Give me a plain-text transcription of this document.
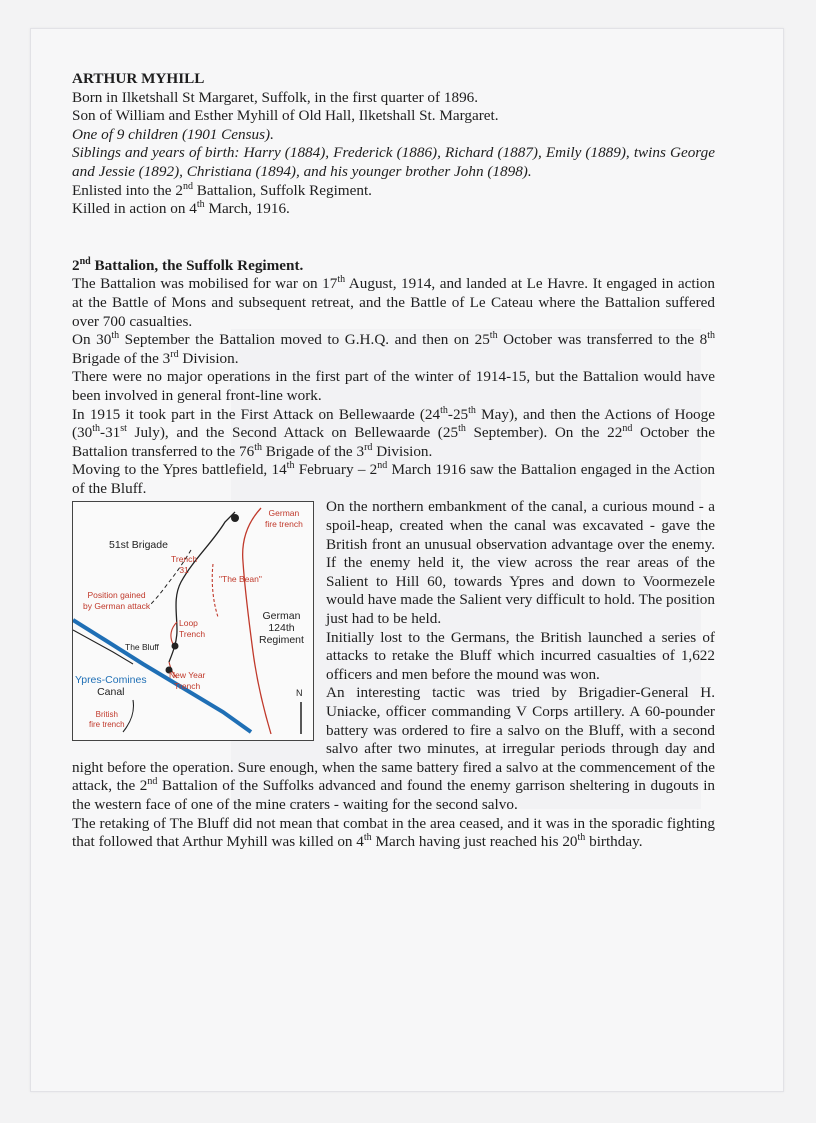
ARTHUR MYHILL

Born in Ilketshall St Margaret, Suffolk, in the first quarter of 1896.

Son of William and Esther Myhill of Old Hall, Ilketshall St. Margaret.

One of 9 children (1901 Census).

Siblings and years of birth: Harry (1884), Frederick (1886), Richard (1887), Emily (1889), twins George and Jessie (1892), Christiana (1894), and his younger brother John (1898).

Enlisted into the 2nd Battalion, Suffolk Regiment.

Killed in action on 4th March, 1916.

2nd Battalion, the Suffolk Regiment.

The Battalion was mobilised for war on 17th August, 1914, and landed at Le Havre. It engaged in action at the Battle of Mons and subsequent retreat, and the Battle of Le Cateau where the Battalion suffered over 700 casualties.

On 30th September the Battalion moved to G.H.Q. and then on 25th October was transferred to the 8th Brigade of the 3rd Division.

There were no major operations in the first part of the winter of 1914-15, but the Battalion would have been involved in general front-line work.

In 1915 it took part in the First Attack on Bellewaarde (24th-25th May), and then the Actions of Hooge (30th-31st July), and the Second Attack on Bellewaarde (25th September). On the 22nd October the Battalion transferred to the 76th Brigade of the 3rd Division.

Moving to the Ypres battlefield, 14th February – 2nd March 1916 saw the Battalion engaged in the Action of the Bluff.

German
fire trench
51st Brigade
Trench
31
"The Bean"
Position gained
by German attack
Loop
Trench
German
124th
Regiment
The Bluff
New Year
Trench
Ypres-Comines
Canal	N
British
fire trench

On the northern embankment of the canal, a curious mound - a spoil-heap, created when the canal was excavated - gave the British front an unusual observation advantage over the enemy. If the enemy held it, the view across the rear areas of the Salient to Hill 60, towards Ypres and down to Voormezele would have made the Salient very difficult to hold. The position just had to be held.

Initially lost to the Germans, the British launched a series of attacks to retake the Bluff which incurred casualties of 1,622 officers and men before the mound was won.

An interesting tactic was tried by Brigadier-General H. Uniacke, officer commanding V Corps artillery. A 60-pounder battery was ordered to fire a salvo on the Bluff, with a second salvo after two minutes, at irregular periods through day and night before the operation. Sure enough, when the same battery fired a salvo at the commencement of the attack, the 2nd Battalion of the Suffolks advanced and found the enemy garrison sheltering in dugouts in the western face of one of the mine craters - waiting for the second salvo.

The retaking of The Bluff did not mean that combat in the area ceased, and it was in the sporadic fighting that followed that Arthur Myhill was killed on 4th March having just reached his 20th birthday.
